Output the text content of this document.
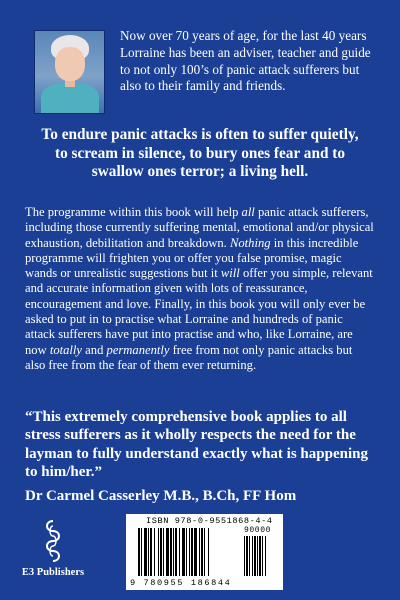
Now over 70 years of age, for the last 40 years Lorraine has been an adviser, teacher and guide to not only 100’s of panic attack sufferers but also to their family and friends.

To endure panic attacks is often to suffer quietly, to scream in silence, to bury ones fear and to swallow ones terror; a living hell.

The programme within this book will help all panic attack sufferers, including those currently suffering mental, emotional and/or physical exhaustion, debilitation and breakdown. Nothing in this incredible programme will frighten you or offer you false promise, magic wands or unrealistic suggestions but it will offer you simple, relevant and accurate information given with lots of reassurance, encouragement and love. Finally, in this book you will only ever be asked to put in to practise what Lorraine and hundreds of panic attack sufferers have put into practise and who, like Lorraine, are now totally and permanently free from not only panic attacks but also free from the fear of them ever returning.

“This extremely comprehensive book applies to all stress sufferers as it wholly respects the need for the layman to fully understand exactly what is happening to him/her.”

Dr Carmel Casserley M.B., B.Ch, FF Hom

E3 Publishers

ISBN 978-0-9551868-4-4
90000
9 780955 186844
